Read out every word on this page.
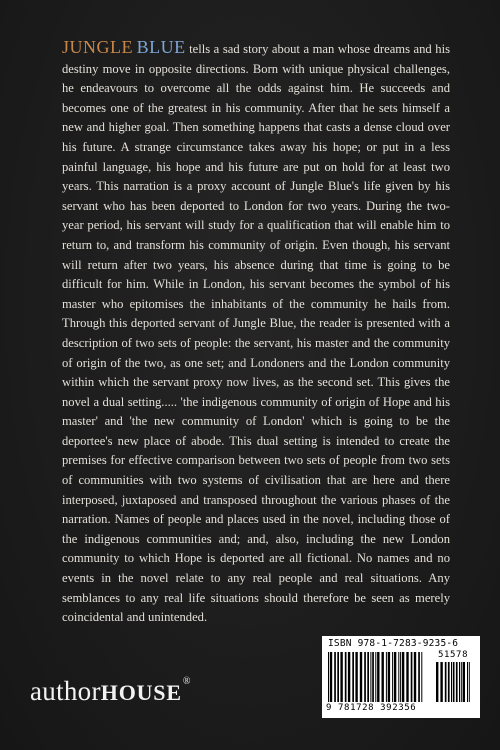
JUNGLE BLUE tells a sad story about a man whose dreams and his destiny move in opposite directions. Born with unique physical challenges, he endeavours to overcome all the odds against him. He succeeds and becomes one of the greatest in his community. After that he sets himself a new and higher goal. Then something happens that casts a dense cloud over his future. A strange circumstance takes away his hope; or put in a less painful language, his hope and his future are put on hold for at least two years. This narration is a proxy account of Jungle Blue's life given by his servant who has been deported to London for two years. During the two-year period, his servant will study for a qualification that will enable him to return to, and transform his community of origin. Even though, his servant will return after two years, his absence during that time is going to be difficult for him. While in London, his servant becomes the symbol of his master who epitomises the inhabitants of the community he hails from. Through this deported servant of Jungle Blue, the reader is presented with a description of two sets of people: the servant, his master and the community of origin of the two, as one set; and Londoners and the London community within which the servant proxy now lives, as the second set. This gives the novel a dual setting..... 'the indigenous community of origin of Hope and his master' and 'the new community of London' which is going to be the deportee's new place of abode. This dual setting is intended to create the premises for effective comparison between two sets of people from two sets of communities with two systems of civilisation that are here and there interposed, juxtaposed and transposed throughout the various phases of the narration. Names of people and places used in the novel, including those of the indigenous communities and; and, also, including the new London community to which Hope is deported are all fictional. No names and no events in the novel relate to any real people and real situations. Any semblances to any real life situations should therefore be seen as merely coincidental and unintended.

ISBN 978-1-7283-9235-6
51578
9 781728 392356
authorHOUSE®
